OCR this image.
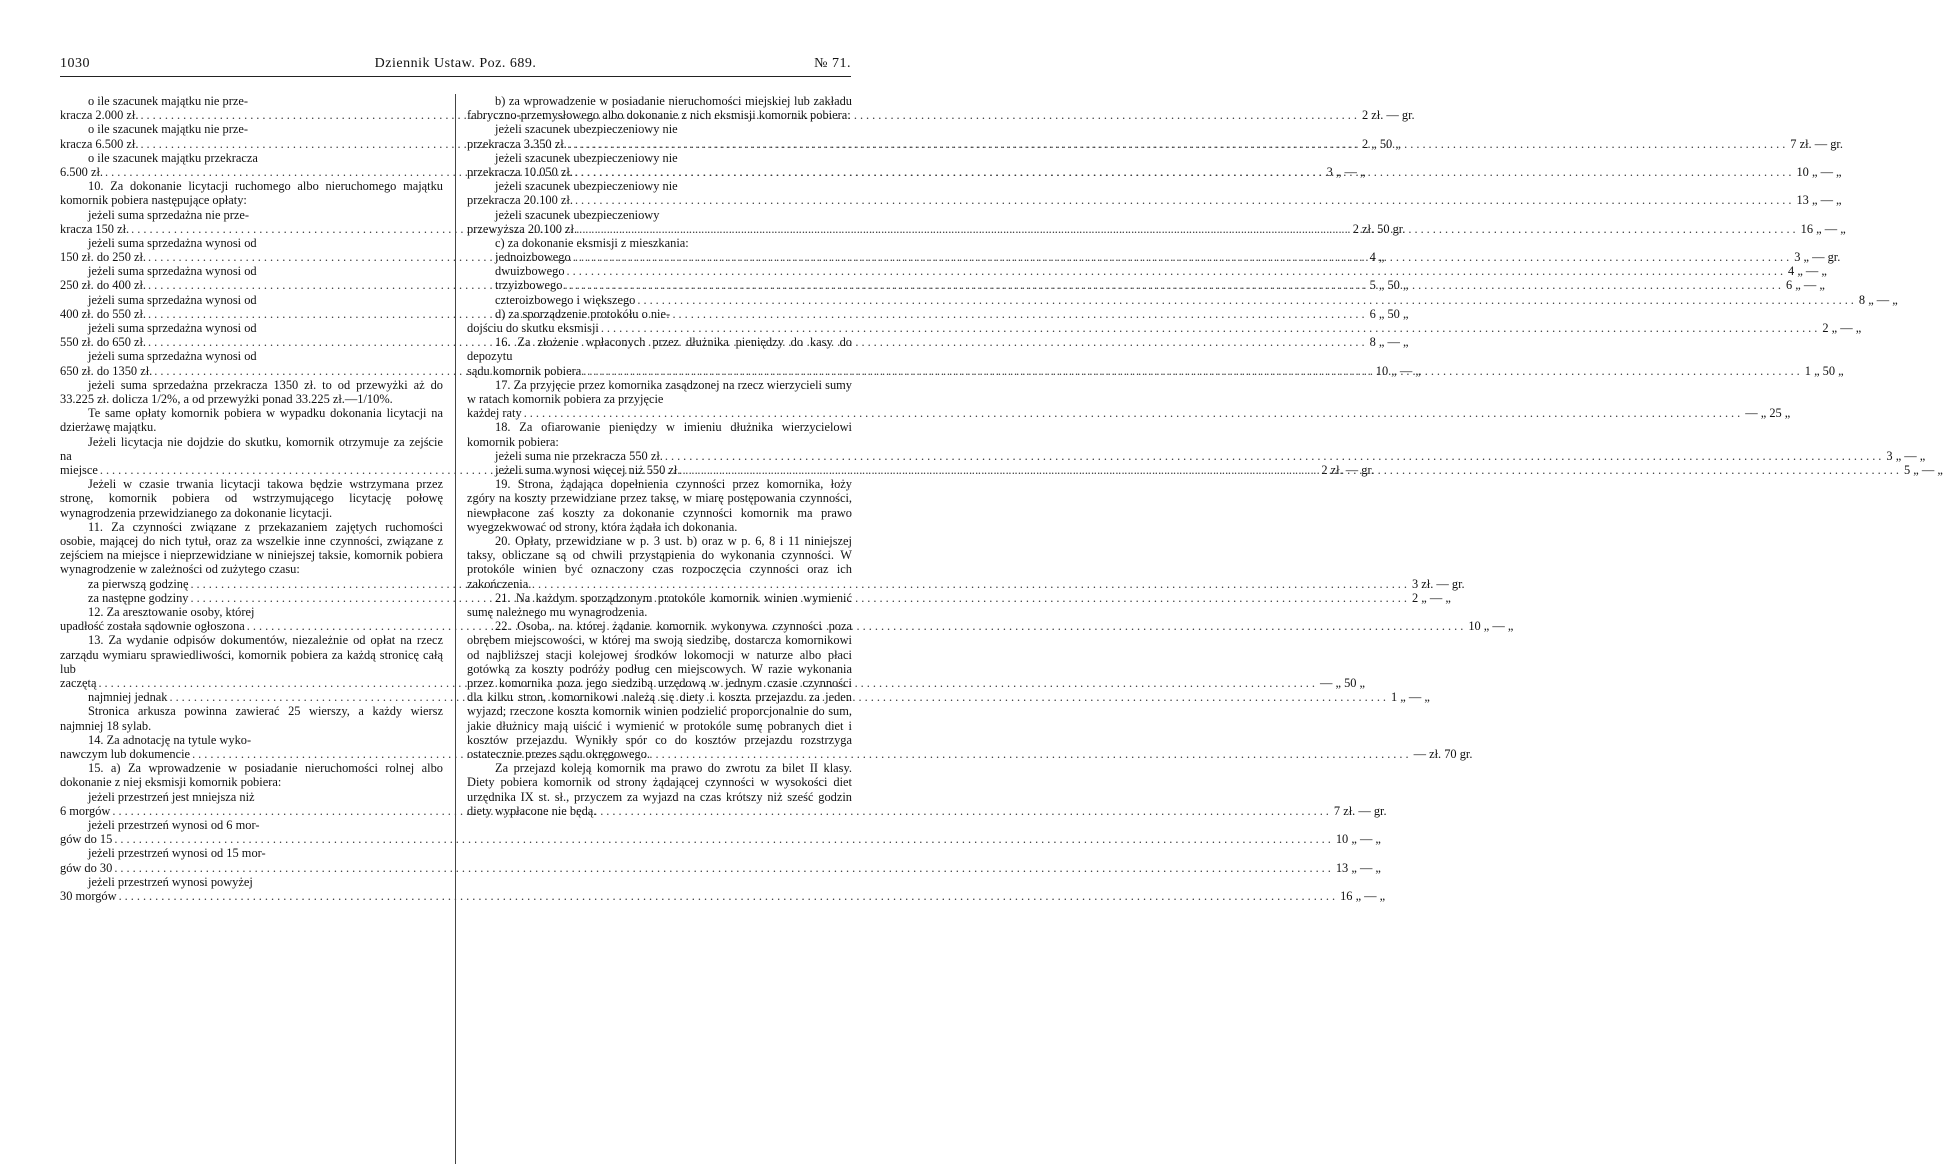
1030	Dziennik Ustaw. Poz. 689.	№ 71.
o ile szacunek majątku nie prze-
kracza 2.000 zł. .....	2 zł. — gr.
o ile szacunek majątku nie prze-
kracza 6.500 zł. .....	2 „ 50 „
o ile szacunek majątku przekracza
6.500 zł. .....	3 „ — „
10. Za dokonanie licytacji ruchomego albo nieruchomego majątku komornik pobiera następujące opłaty:
jeżeli suma sprzedażna nie prze-
kracza 150 zł. .....	2 zł. 50 gr.
jeżeli suma sprzedażna wynosi od
150 zł. do 250 zł. .....	4 „
jeżeli suma sprzedażna wynosi od
250 zł. do 400 zł. .....	5 „ 50 „
jeżeli suma sprzedażna wynosi od
400 zł. do 550 zł. .....	6 „ 50 „
jeżeli suma sprzedażna wynosi od
550 zł. do 650 zł. .....	8 „ — „
jeżeli suma sprzedażna wynosi od
650 zł. do 1350 zł. .....	10 „ — „
jeżeli suma sprzedażna przekracza 1350 zł. to od przewyżki aż do 33.225 zł. dolicza 1/2%, a od przewyżki ponad 33.225 zł.—1/10%.
Te same opłaty komornik pobiera w wypadku dokonania licytacji na dzierżawę majątku.
Jeżeli licytacja nie dojdzie do skutku, komornik otrzymuje za zejście na
miejsce .....	2 zł. — gr.
Jeżeli w czasie trwania licytacji takowa będzie wstrzymana przez stronę, komornik pobiera od wstrzymującego licytację połowę wynagrodzenia przewidzianego za dokonanie licytacji.
11. Za czynności związane z przekazaniem zajętych ruchomości osobie, mającej do nich tytuł, oraz za wszelkie inne czynności, związane z zejściem na miejsce i nieprzewidziane w niniejszej taksie, komornik pobiera wynagrodzenie w zależności od zużytego czasu:
za pierwszą godzinę .....	3 zł. — gr.
za następne godziny .....	2 „ — „
12. Za aresztowanie osoby, której
upadłość została sądownie ogłoszona .....	10 „ — „
13. Za wydanie odpisów dokumentów, niezależnie od opłat na rzecz zarządu wymiaru sprawiedliwości, komornik pobiera za każdą stronicę całą lub
zaczętą .....	— „ 50 „
najmniej jednak .....	1 „ — „
Stronica arkusza powinna zawierać 25 wierszy, a każdy wiersz najmniej 18 sylab.
14. Za adnotację na tytule wyko-
nawczym lub dokumencie .....	— zł. 70 gr.
15. a) Za wprowadzenie w posiadanie nieruchomości rolnej albo dokonanie z niej eksmisji komornik pobiera:
jeżeli przestrzeń jest mniejsza niż
6 morgów .....	7 zł. — gr.
jeżeli przestrzeń wynosi od 6 mor-
gów do 15 .....	10 „ — „
jeżeli przestrzeń wynosi od 15 mor-
gów do 30 .....	13 „ — „
jeżeli przestrzeń wynosi powyżej
30 morgów .....	16 „ — „
b) za wprowadzenie w posiadanie nieruchomości miejskiej lub zakładu fabryczno-przemysłowego albo dokonanie z nich eksmisji komornik pobiera:
jeżeli szacunek ubezpieczeniowy nie
przekracza 3.350 zł. .....	7 zł. — gr.
jeżeli szacunek ubezpieczeniowy nie
przekracza 10.050 zł. .....	10 „ — „
jeżeli szacunek ubezpieczeniowy nie
przekracza 20.100 zł. .....	13 „ — „
jeżeli szacunek ubezpieczeniowy
przewyższa 20.100 zł. .....	16 „ — „
c) za dokonanie eksmisji z mieszkania:
jednoizbowego .....	3 „ — gr.
dwuizbowego .....	4 „ — „
trzyizbowego .....	6 „ — „
czteroizbowego i większego .....	8 „ — „
d) za sporządzenie protokółu o nie-
dojściu do skutku eksmisji .....	2 „ — „
16. Za złożenie wpłaconych przez dłużnika pieniędzy do kasy do depozytu
sądu komornik pobiera .....	1 „ 50 „
17. Za przyjęcie przez komornika zasądzonej na rzecz wierzycieli sumy w ratach komornik pobiera za przyjęcie
każdej raty .....	— „ 25 „
18. Za ofiarowanie pieniędzy w imieniu dłużnika wierzycielowi komornik pobiera:
jeżeli suma nie przekracza 550 zł. .....	3 „ — „
jeżeli suma wynosi więcej niż 550 zł. .....	5 „ — „
19. Strona, żądająca dopełnienia czynności przez komornika, łoży zgóry na koszty przewidziane przez taksę, w miarę postępowania czynności, niewpłacone zaś koszty za dokonanie czynności komornik ma prawo wyegzekwować od strony, która żądała ich dokonania.
20. Opłaty, przewidziane w p. 3 ust. b) oraz w p. 6, 8 i 11 niniejszej taksy, obliczane są od chwili przystąpienia do wykonania czynności. W protokóle winien być oznaczony czas rozpoczęcia czynności oraz ich zakończenia.
21. Na każdym sporządzonym protokóle komornik winien wymienić sumę należnego mu wynagrodzenia.
22. Osoba, na której żądanie komornik wykonywa czynności poza obrębem miejscowości, w której ma swoją siedzibę, dostarcza komornikowi od najbliższej stacji kolejowej środków lokomocji w naturze albo płaci gotówką za koszty podróży podług cen miejscowych. W razie wykonania przez komornika poza jego siedzibą urzędową w jednym czasie czynności dla kilku stron, komornikowi należą się diety i koszta przejazdu za jeden wyjazd; rzeczone koszta komornik winien podzielić proporcjonalnie do sum, jakie dłużnicy mają uiścić i wymienić w protokóle sumę pobranych diet i kosztów przejazdu. Wynikły spór co do kosztów przejazdu rozstrzyga ostatecznie prezes sądu okręgowego.
Za przejazd koleją komornik ma prawo do zwrotu za bilet II klasy. Diety pobiera komornik od strony żądającej czynności w wysokości diet urzędnika IX st. sł., przyczem za wyjazd na czas krótszy niż sześć godzin diety wypłacone nie będą.
